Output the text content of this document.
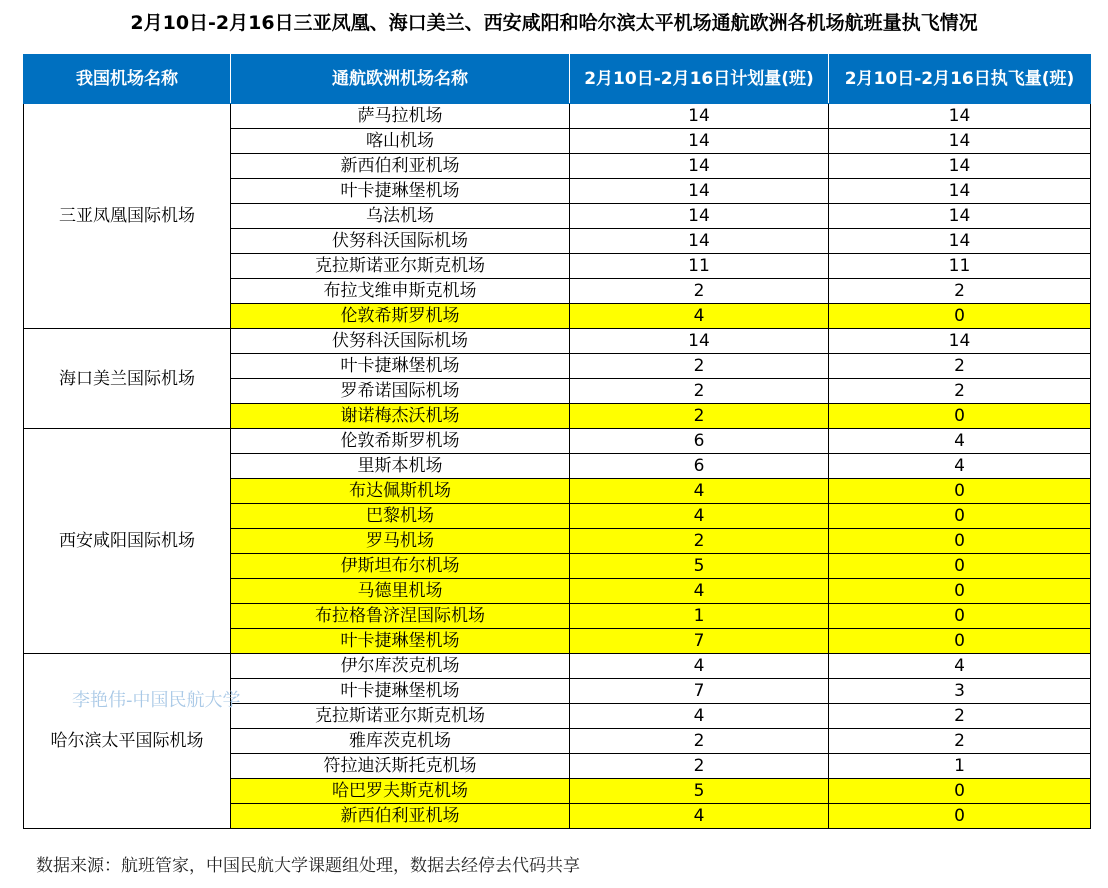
2月10日-2月16日三亚凤凰、海口美兰、西安咸阳和哈尔滨太平机场通航欧洲各机场航班量执飞情况
我国机场名称	通航欧洲机场名称	2月10日-2月16日计划量(班)	2月10日-2月16日执飞量(班)
三亚凤凰国际机场	萨马拉机场	14	14
	喀山机场	14	14
	新西伯利亚机场	14	14
	叶卡捷琳堡机场	14	14
	乌法机场	14	14
	伏努科沃国际机场	14	14
	克拉斯诺亚尔斯克机场	11	11
	布拉戈维申斯克机场	2	2
	伦敦希斯罗机场	4	0
海口美兰国际机场	伏努科沃国际机场	14	14
	叶卡捷琳堡机场	2	2
	罗希诺国际机场	2	2
	谢诺梅杰沃机场	2	0
西安咸阳国际机场	伦敦希斯罗机场	6	4
	里斯本机场	6	4
	布达佩斯机场	4	0
	巴黎机场	4	0
	罗马机场	2	0
	伊斯坦布尔机场	5	0
	马德里机场	4	0
	布拉格鲁济涅国际机场	1	0
	叶卡捷琳堡机场	7	0
哈尔滨太平国际机场	伊尔库茨克机场	4	4
	叶卡捷琳堡机场	7	3
	克拉斯诺亚尔斯克机场	4	2
	雅库茨克机场	2	2
	符拉迪沃斯托克机场	2	1
	哈巴罗夫斯克机场	5	0
	新西伯利亚机场	4	0
李艳伟-中国民航大学
数据来源：航班管家，中国民航大学课题组处理，数据去经停去代码共享
